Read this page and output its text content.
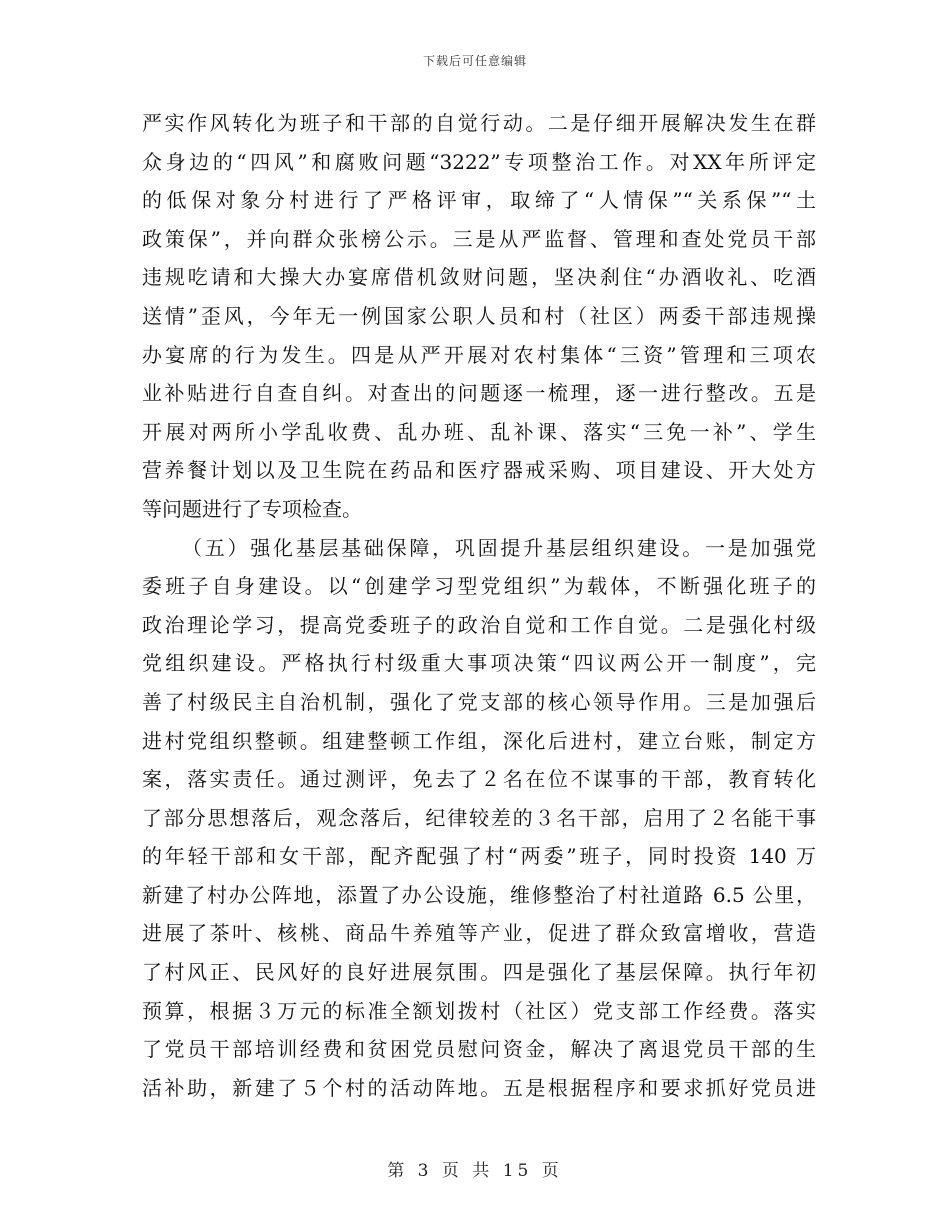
下载后可任意编辑
严实作风转化为班子和干部的自觉行动。二是仔细开展解决发生在群
众身边的“四风”和腐败问题“3222”专项整治工作。对XX年所评定
的低保对象分村进行了严格评审，取缔了“人情保”“关系保”“土
政策保”，并向群众张榜公示。三是从严监督、管理和查处党员干部
违规吃请和大操大办宴席借机敛财问题，坚决刹住“办酒收礼、吃酒
送情”歪风，今年无一例国家公职人员和村（社区）两委干部违规操
办宴席的行为发生。四是从严开展对农村集体“三资”管理和三项农
业补贴进行自查自纠。对查出的问题逐一梳理，逐一进行整改。五是
开展对两所小学乱收费、乱办班、乱补课、落实“三免一补”、学生
营养餐计划以及卫生院在药品和医疗器戒采购、项目建设、开大处方
等问题进行了专项检查。
（五）强化基层基础保障，巩固提升基层组织建设。一是加强党
委班子自身建设。以“创建学习型党组织”为载体，不断强化班子的
政治理论学习，提高党委班子的政治自觉和工作自觉。二是强化村级
党组织建设。严格执行村级重大事项决策“四议两公开一制度”，完
善了村级民主自治机制，强化了党支部的核心领导作用。三是加强后
进村党组织整顿。组建整顿工作组，深化后进村，建立台账，制定方
案，落实责任。通过测评，免去了２名在位不谋事的干部，教育转化
了部分思想落后，观念落后，纪律较差的３名干部，启用了２名能干事
的年轻干部和女干部，配齐配强了村“两委”班子，同时投资 140 万
新建了村办公阵地，添置了办公设施，维修整治了村社道路 6.5 公里，
进展了茶叶、核桃、商品牛养殖等产业，促进了群众致富增收，营造
了村风正、民风好的良好进展氛围。四是强化了基层保障。执行年初
预算，根据３万元的标准全额划拨村（社区）党支部工作经费。落实
了党员干部培训经费和贫困党员慰问资金，解决了离退党员干部的生
活补助，新建了５个村的活动阵地。五是根据程序和要求抓好党员进
第 3 页 共 15 页
